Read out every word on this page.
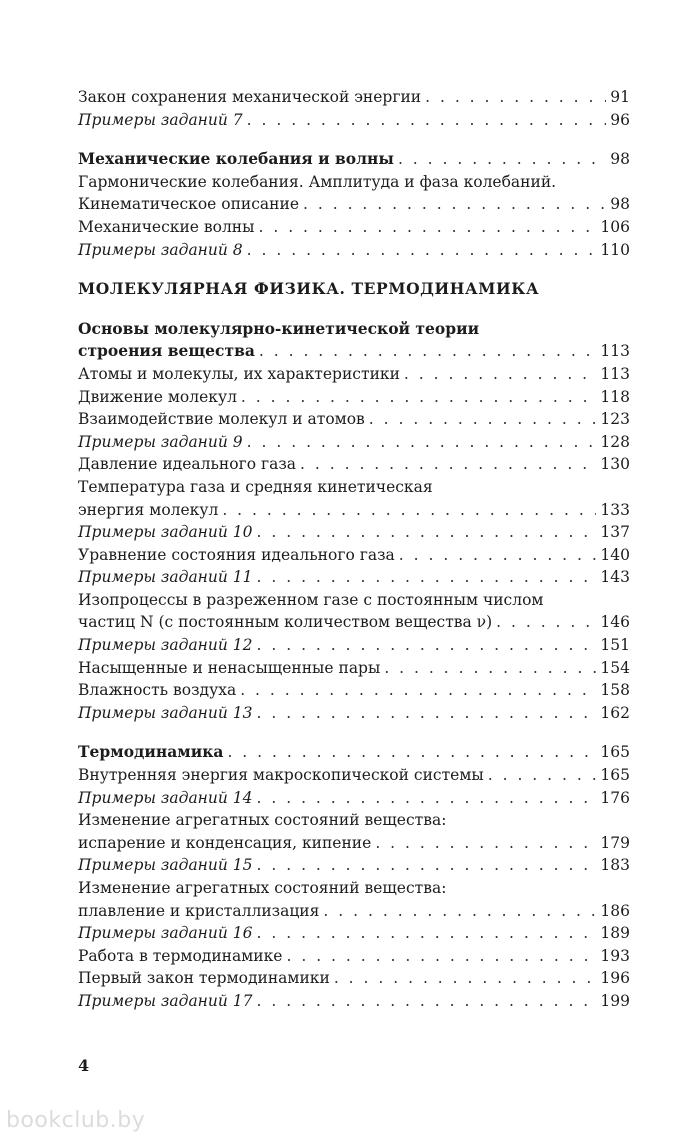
Закон сохранения механической энергии . . .	91
Примеры заданий 7 . . .	96
Механические колебания и волны . . .	98
Гармонические колебания. Амплитуда и фаза колебаний.
Кинематическое описание . . .	98
Механические волны . . .	106
Примеры заданий 8 . . .	110
МОЛЕКУЛЯРНАЯ ФИЗИКА. ТЕРМОДИНАМИКА
Основы молекулярно-кинетической теории
строения вещества . . .	113
Атомы и молекулы, их характеристики . . .	113
Движение молекул . . .	118
Взаимодействие молекул и атомов . . .	123
Примеры заданий 9 . . .	128
Давление идеального газа . . .	130
Температура газа и средняя кинетическая
энергия молекул . . .	133
Примеры заданий 10 . . .	137
Уравнение состояния идеального газа . . .	140
Примеры заданий 11 . . .	143
Изопроцессы в разреженном газе с постоянным числом
частиц N (с постоянным количеством вещества ν) . . .	146
Примеры заданий 12 . . .	151
Насыщенные и ненасыщенные пары . . .	154
Влажность воздуха . . .	158
Примеры заданий 13 . . .	162
Термодинамика . . .	165
Внутренняя энергия макроскопической системы . . .	165
Примеры заданий 14 . . .	176
Изменение агрегатных состояний вещества:
испарение и конденсация, кипение . . .	179
Примеры заданий 15 . . .	183
Изменение агрегатных состояний вещества:
плавление и кристаллизация . . .	186
Примеры заданий 16 . . .	189
Работа в термодинамике . . .	193
Первый закон термодинамики . . .	196
Примеры заданий 17 . . .	199
4
bookclub.by
